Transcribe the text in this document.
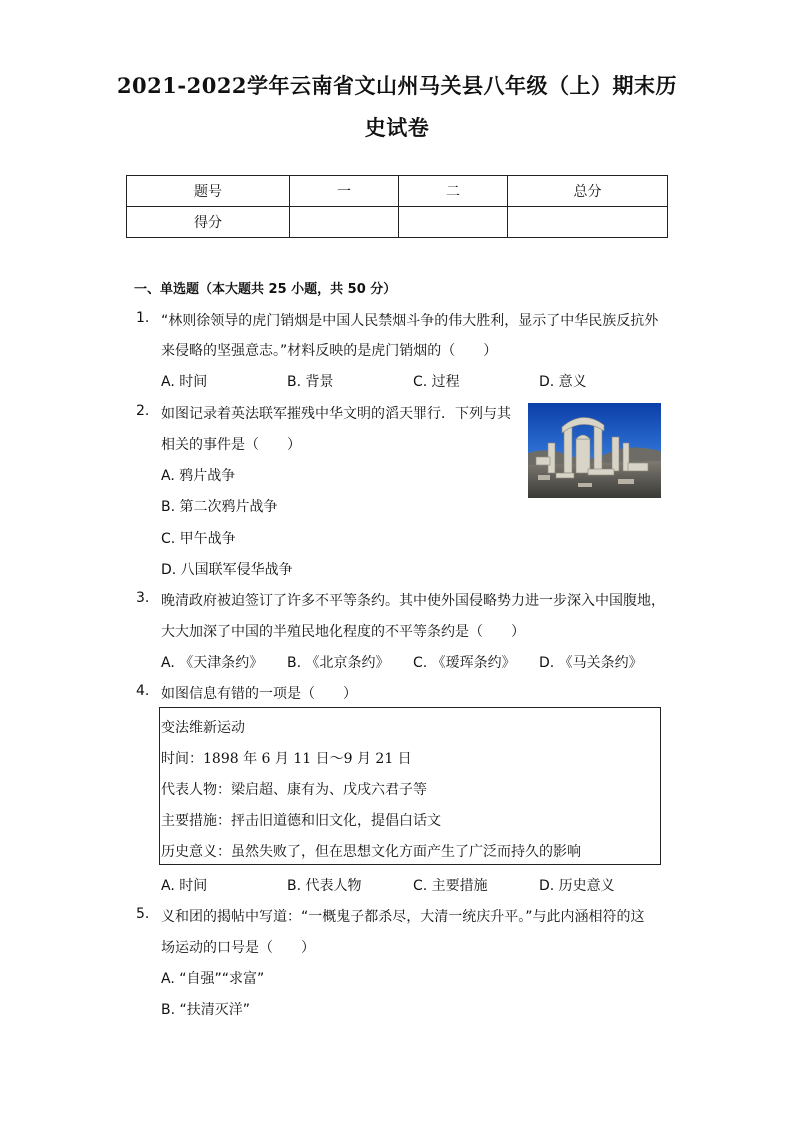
2021-2022学年云南省文山州马关县八年级（上）期末历
史试卷
题号	一	二	总分
得分			
一、单选题（本大题共 25 小题，共 50 分）
1. “林则徐领导的虎门销烟是中国人民禁烟斗争的伟大胜利，显示了中华民族反抗外
来侵略的坚强意志。”材料反映的是虎门销烟的（　　）
A. 时间	B. 背景	C. 过程	D. 意义
2. 如图记录着英法联军摧残中华文明的滔天罪行．下列与其
相关的事件是（　　）
A. 鸦片战争
B. 第二次鸦片战争
C. 甲午战争
D. 八国联军侵华战争
3. 晚清政府被迫签订了许多不平等条约。其中使外国侵略势力进一步深入中国腹地，
大大加深了中国的半殖民地化程度的不平等条约是（　　）
A. 《天津条约》 B. 《北京条约》 C. 《瑷珲条约》 D. 《马关条约》
4. 如图信息有错的一项是（　　）
变法维新运动
时间：1898 年 6 月 11 日～9 月 21 日
代表人物：梁启超、康有为、戊戌六君子等
主要措施：抨击旧道德和旧文化，提倡白话文
历史意义：虽然失败了，但在思想文化方面产生了广泛而持久的影响
A. 时间	B. 代表人物	C. 主要措施	D. 历史意义
5. 义和团的揭帖中写道：“一概鬼子都杀尽，大清一统庆升平。”与此内涵相符的这
场运动的口号是（　　）
A. “自强”“求富”
B. “扶清灭洋”
